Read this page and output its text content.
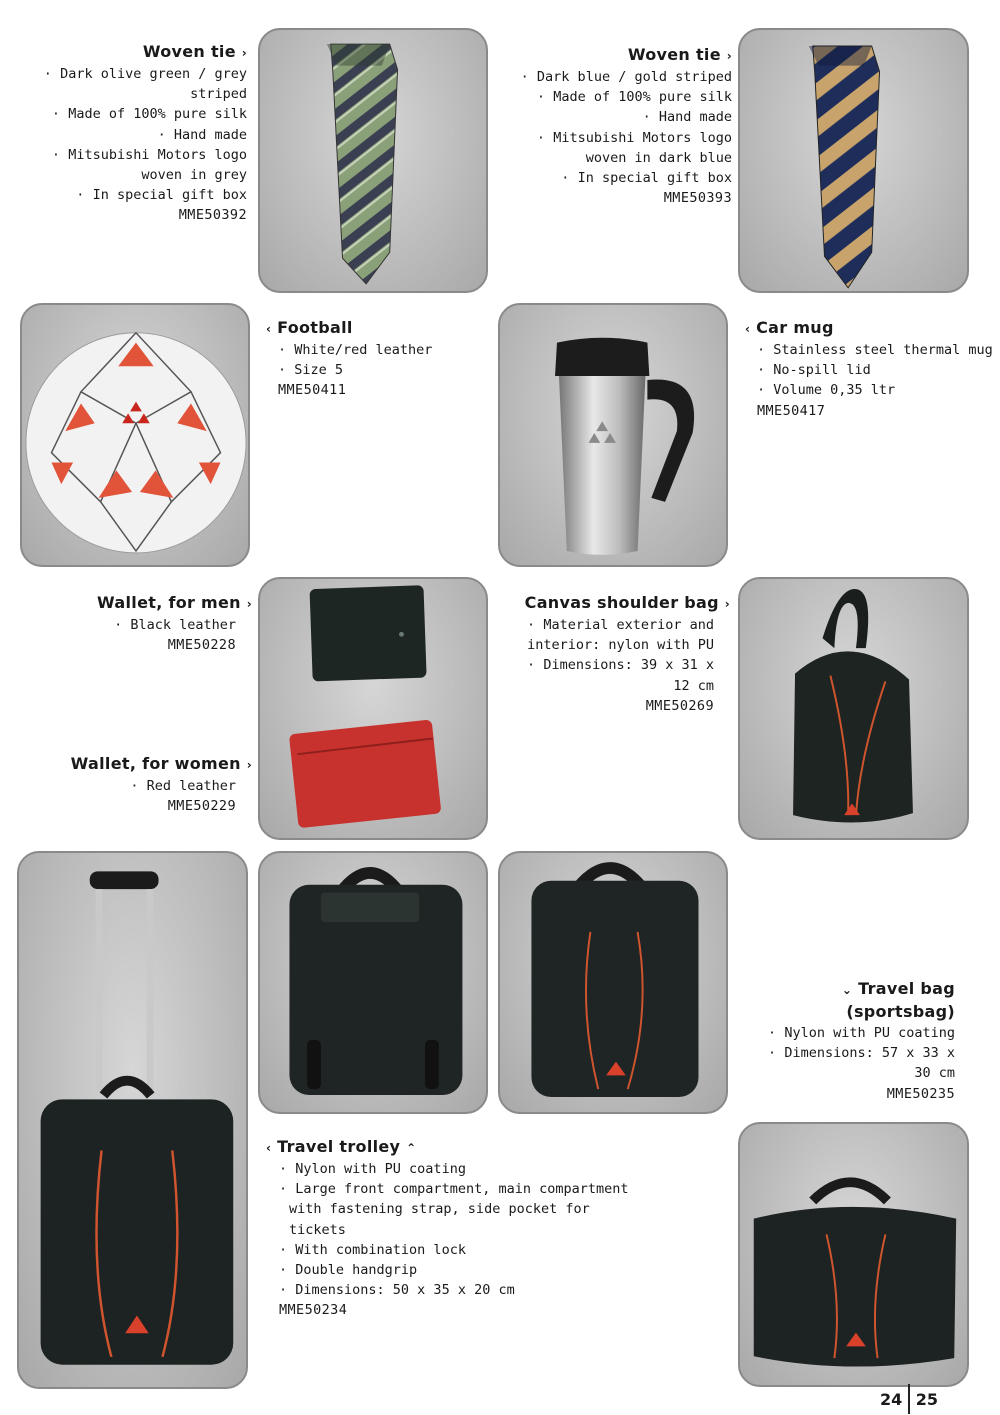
Woven tie ›
· Dark olive green / grey striped
· Made of 100% pure silk
· Hand made
· Mitsubishi Motors logo woven in grey
· In special gift box
MME50392
Woven tie ›
· Dark blue / gold striped
· Made of 100% pure silk
· Hand made
· Mitsubishi Motors logo woven in dark blue
· In special gift box
MME50393
‹ Football
· White/red leather
· Size 5
MME50411
‹ Car mug
· Stainless steel thermal mug
· No-spill lid
· Volume 0,35 ltr
MME50417
Wallet, for men ›
· Black leather
MME50228
Wallet, for women ›
· Red leather
MME50229
Canvas shoulder bag ›
· Material exterior and interior: nylon with PU
· Dimensions: 39 x 31 x 12 cm
MME50269
⌄ Travel bag
(sportsbag)
· Nylon with PU coating
· Dimensions: 57 x 33 x 30 cm
MME50235
‹ Travel trolley ⌃
· Nylon with PU coating
· Large front compartment, main compartment with fastening strap, side pocket for tickets
· With combination lock
· Double handgrip
· Dimensions: 50 x 35 x 20 cm
MME50234
24 25
